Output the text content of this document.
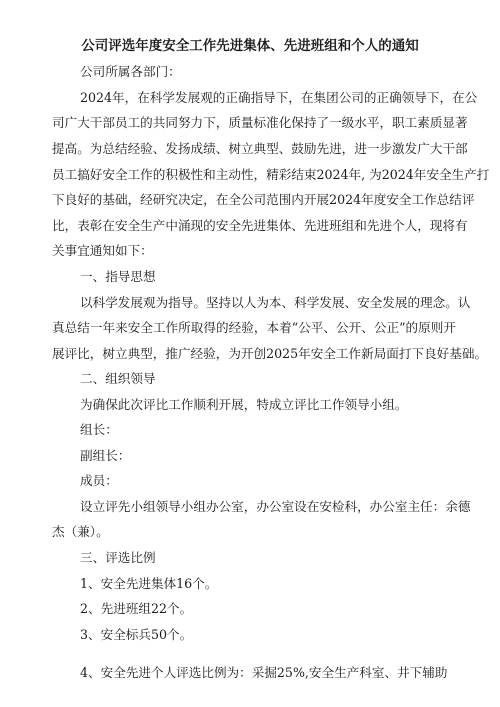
公司评选年度安全工作先进集体、先进班组和个人的通知
公司所属各部门：
2024年，在科学发展观的正确指导下，在集团公司的正确领导下，在公
司广大干部员工的共同努力下，质量标准化保持了一级水平，职工素质显著
提高。为总结经验、发扬成绩、树立典型、鼓励先进，进一步激发广大干部
员工搞好安全工作的积极性和主动性，精彩结束2024年, 为2024年安全生产打
下良好的基础，经研究决定，在全公司范围内开展2024年度安全工作总结评
比，表彰在安全生产中涌现的安全先进集体、先进班组和先进个人，现将有
关事宜通知如下：
一、指导思想
以科学发展观为指导。坚持以人为本、科学发展、安全发展的理念。认
真总结一年来安全工作所取得的经验，本着“公平、公开、公正”的原则开
展评比，树立典型，推广经验，为开创2025年安全工作新局面打下良好基础。
二、组织领导
为确保此次评比工作顺利开展，特成立评比工作领导小组。
组长：
副组长：
成员：
设立评先小组领导小组办公室，办公室设在安检科，办公室主任：余德
杰（兼）。
三、评选比例
1、安全先进集体16个。
2、先进班组22个。
3、安全标兵50个。
4、安全先进个人评选比例为：采掘25%,安全生产科室、井下辅助
